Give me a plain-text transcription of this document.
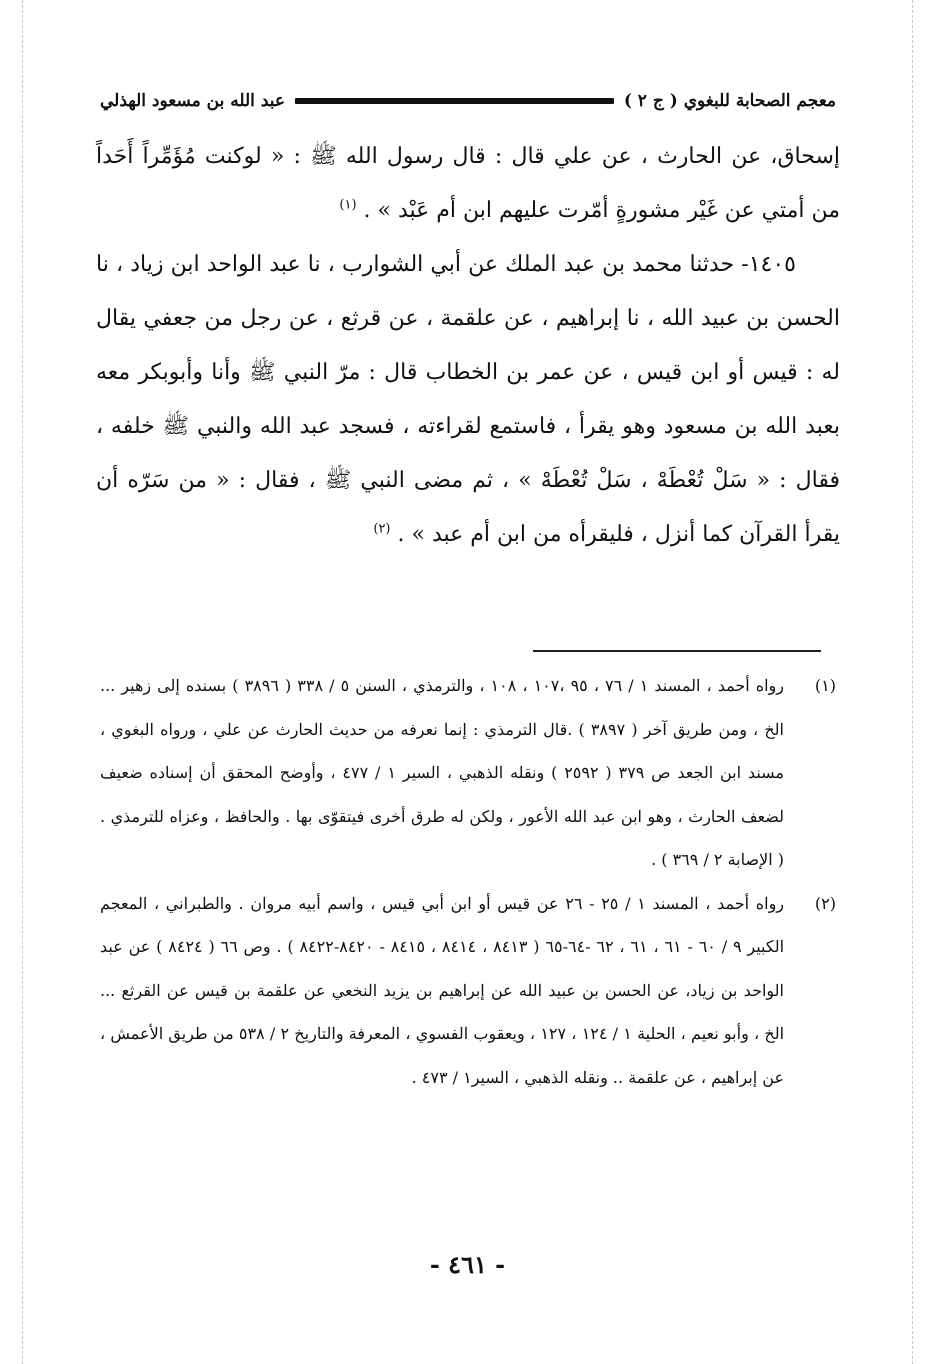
معجم الصحابة للبغوي ( ج ٢ )
عبد الله بن مسعود الهذلي

إسحاق، عن الحارث ، عن علي قال : قال رسول الله ﷺ : « لوكنت مُؤَمِّراً أَحَداً من أمتي عن غَيْر مشورةٍ أمّرت عليهم ابن أم عَبْد » . $^{(١)}$

١٤٠٥- حدثنا محمد بن عبد الملك عن أبي الشوارب ، نا عبد الواحد ابن زياد ، نا الحسن بن عبيد الله ، نا إبراهيم ، عن علقمة ، عن قرثع ، عن رجل من جعفي يقال له : قيس أو ابن قيس ، عن عمر بن الخطاب قال : مرّ النبي ﷺ وأنا وأبوبكر معه بعبد الله بن مسعود وهو يقرأ ، فاستمع لقراءته ، فسجد عبد الله والنبي ﷺ خلفه ، فقال : « سَلْ تُعْطَهْ ، سَلْ تُعْطَهْ » ، ثم مضى النبي ﷺ ، فقال : « من سَرّه أن يقرأ القرآن كما أنزل ، فليقرأه من ابن أم عبد » . $^{(٢)}$

(١)
رواه أحمد ، المسند ١ / ٧٦ ، ٩٥ ،١٠٧ ، ١٠٨ ، والترمذي ، السنن ٥ / ٣٣٨ ( ٣٨٩٦ ) بسنده إلى زهير ... الخ ، ومن طريق آخر ( ٣٨٩٧ ) .قال الترمذي : إنما نعرفه من حديث الحارث عن علي ، ورواه البغوي ، مسند ابن الجعد ص ٣٧٩ ( ٢٥٩٢ ) ونقله الذهبي ، السير ١ / ٤٧٧ ، وأوضح المحقق أن إسناده ضعيف لضعف الحارث ، وهو ابن عبد الله الأعور ، ولكن له طرق أخرى فيتقوّى بها . والحافظ ، وعزاه للترمذي . ( الإصابة ٢ / ٣٦٩ ) .
(٢)
رواه أحمد ، المسند ١ / ٢٥ - ٢٦ عن قيس أو ابن أبي قيس ، واسم أبيه مروان . والطبراني ، المعجم الكبير ٩ / ٦٠ - ٦١ ، ٦١ ، ٦٢ -٦٤-٦٥ ( ٨٤١٣ ، ٨٤١٤ ، ٨٤١٥ - ٨٤٢٠-٨٤٢٢ ) . وص ٦٦ ( ٨٤٢٤ ) عن عبد الواحد بن زياد، عن الحسن بن عبيد الله عن إبراهيم بن يزيد النخعي عن علقمة بن قيس عن القرثع ... الخ ، وأبو نعيم ، الحلية ١ / ١٢٤ ، ١٢٧ ، ويعقوب الفسوي ، المعرفة والتاريخ ٢ / ٥٣٨ من طريق الأعمش ، عن إبراهيم ، عن علقمة .. ونقله الذهبي ، السير١ / ٤٧٣ .
- ٤٦١ -
